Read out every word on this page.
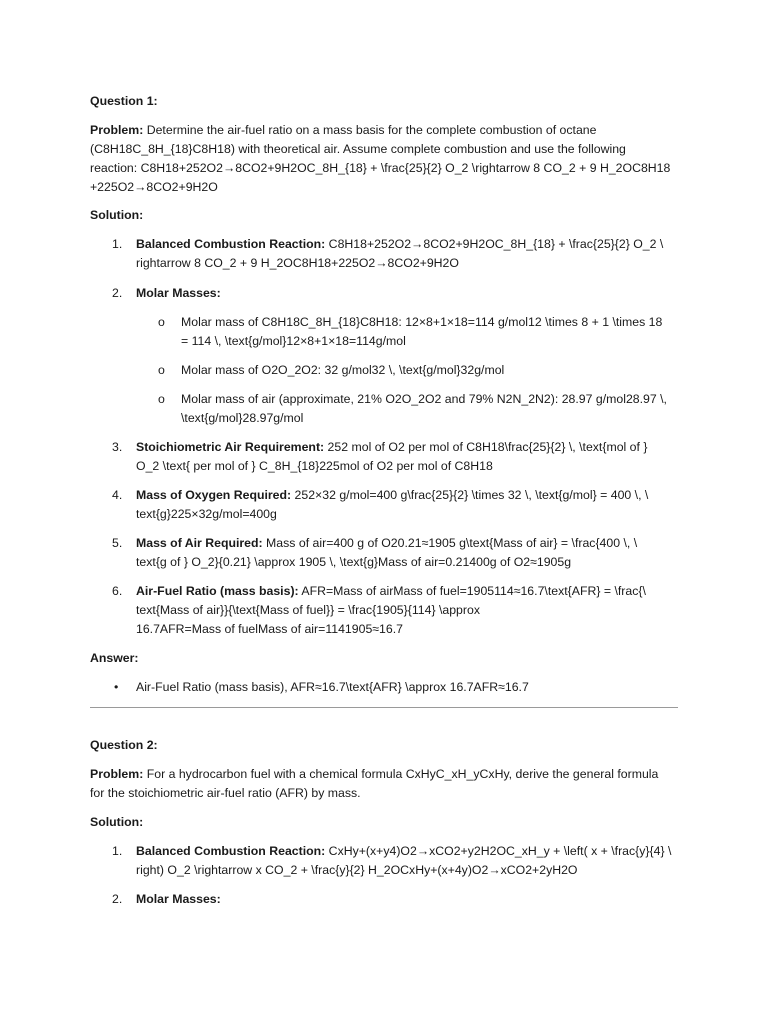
Question 1:
Problem: Determine the air-fuel ratio on a mass basis for the complete combustion of octane
(C8H18C_8H_{18}C8H18) with theoretical air. Assume complete combustion and use the following
reaction: C8H18+252O2→8CO2+9H2OC_8H_{18} + \frac{25}{2} O_2 \rightarrow 8 CO_2 + 9 H_2OC8H18
+225O2→8CO2+9H2O
Solution:
1.	Balanced Combustion Reaction: C8H18+252O2→8CO2+9H2OC_8H_{18} + \frac{25}{2} O_2 \
rightarrow 8 CO_2 + 9 H_2OC8H18+225O2→8CO2+9H2O
2.	Molar Masses:
o	Molar mass of C8H18C_8H_{18}C8H18: 12×8+1×18=114 g/mol12 \times 8 + 1 \times 18
= 114 \, \text{g/mol}12×8+1×18=114g/mol
o	Molar mass of O2O_2O2: 32 g/mol32 \, \text{g/mol}32g/mol
o	Molar mass of air (approximate, 21% O2O_2O2 and 79% N2N_2N2): 28.97 g/mol28.97 \,
\text{g/mol}28.97g/mol
3.	Stoichiometric Air Requirement: 252 mol of O2 per mol of C8H18\frac{25}{2} \, \text{mol of }
O_2 \text{ per mol of } C_8H_{18}225mol of O2 per mol of C8H18
4.	Mass of Oxygen Required: 252×32 g/mol=400 g\frac{25}{2} \times 32 \, \text{g/mol} = 400 \, \
text{g}225×32g/mol=400g
5.	Mass of Air Required: Mass of air=400 g of O20.21≈1905 g\text{Mass of air} = \frac{400 \, \
text{g of } O_2}{0.21} \approx 1905 \, \text{g}Mass of air=0.21400g of O2≈1905g
6.	Air-Fuel Ratio (mass basis): AFR=Mass of airMass of fuel=1905114≈16.7\text{AFR} = \frac{\
text{Mass of air}}{\text{Mass of fuel}} = \frac{1905}{114} \approx
16.7AFR=Mass of fuelMass of air=1141905≈16.7
Answer:
•	Air-Fuel Ratio (mass basis), AFR≈16.7\text{AFR} \approx 16.7AFR≈16.7
Question 2:
Problem: For a hydrocarbon fuel with a chemical formula CxHyC_xH_yCxHy, derive the general formula
for the stoichiometric air-fuel ratio (AFR) by mass.
Solution:
1.	Balanced Combustion Reaction: CxHy+(x+y4)O2→xCO2+y2H2OC_xH_y + \left( x + \frac{y}{4} \
right) O_2 \rightarrow x CO_2 + \frac{y}{2} H_2OCxHy+(x+4y)O2→xCO2+2yH2O
2.	Molar Masses:
